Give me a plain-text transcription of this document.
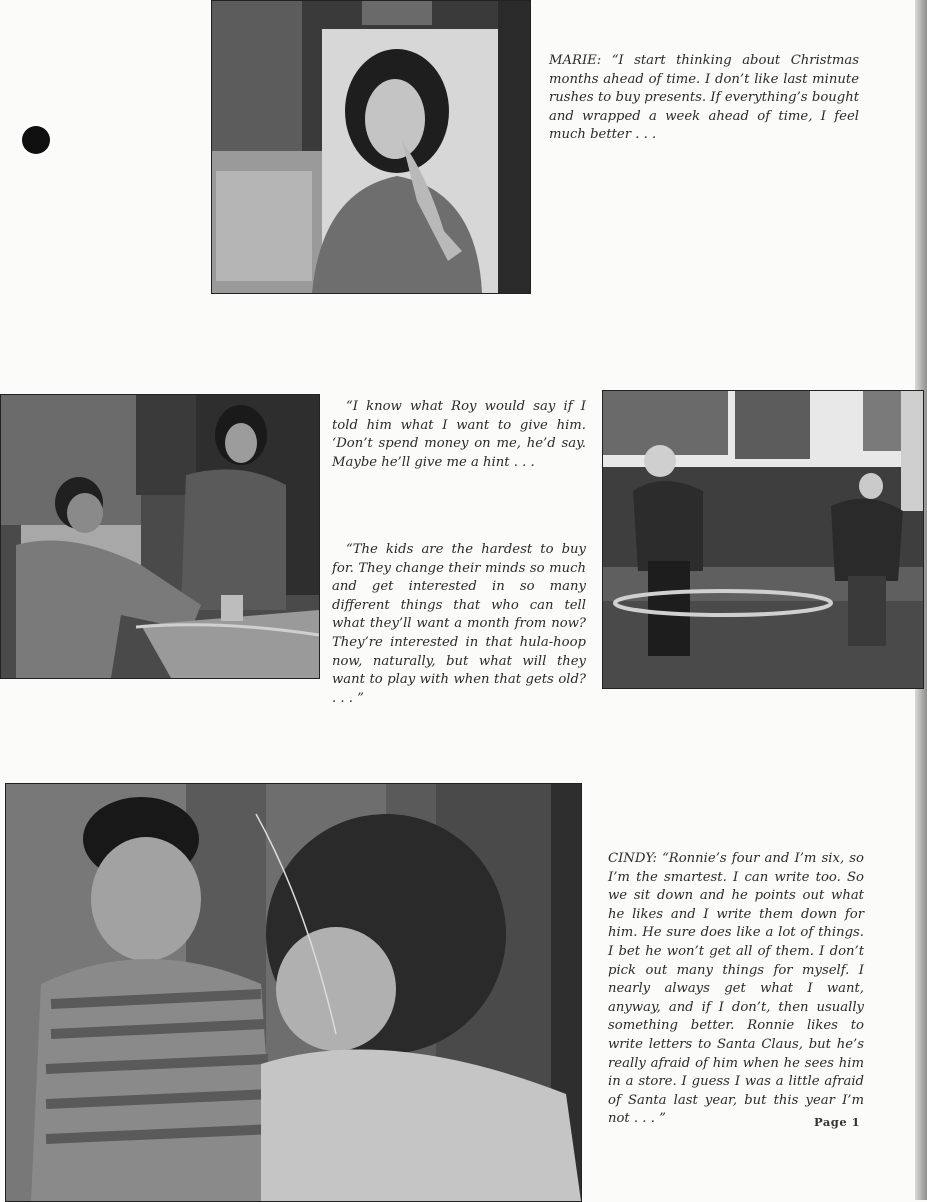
MARIE: “I start thinking about Christmas months ahead of time. I don’t like last minute rushes to buy presents. If everything’s bought and wrapped a week ahead of time, I feel much better . . .

“I know what Roy would say if I told him what I want to give him. ‘Don’t spend money on me, he’d say. Maybe he’ll give me a hint . . .

“The kids are the hardest to buy for. They change their minds so much and get interested in so many different things that who can tell what they’ll want a month from now? They’re interested in that hula-hoop now, naturally, but what will they want to play with when that gets old? . . . ”

CINDY: “Ronnie’s four and I’m six, so I’m the smartest. I can write too. So we sit down and he points out what he likes and I write them down for him. He sure does like a lot of things. I bet he won’t get all of them. I don’t pick out many things for myself. I nearly always get what I want, anyway, and if I don’t, then usually something better. Ronnie likes to write letters to Santa Claus, but he’s really afraid of him when he sees him in a store. I guess I was a little afraid of Santa last year, but this year I’m not . . . ”	Page 1
